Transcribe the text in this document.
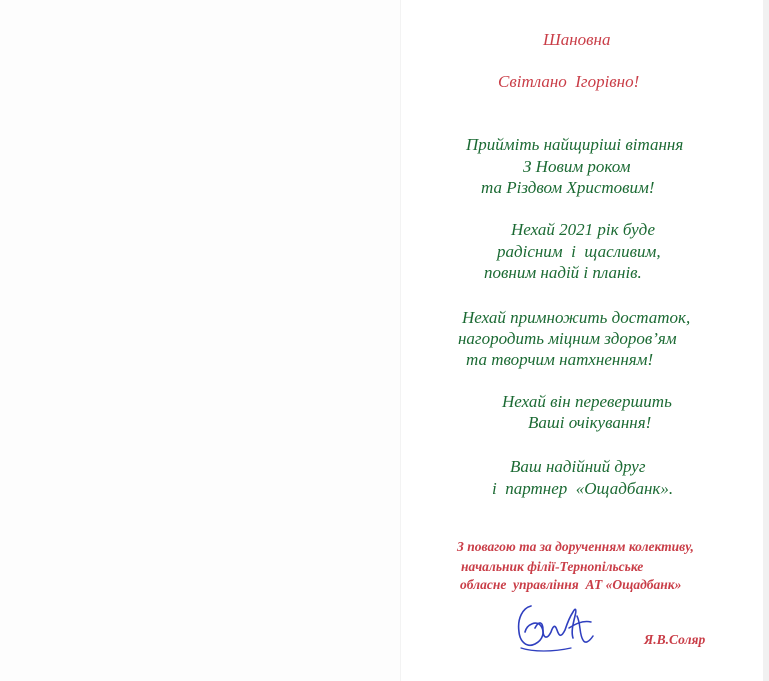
Шановна
Світлано  Ігорівно!
Прийміть найщиріші вітання
З Новим роком
та Різдвом Христовим!
Нехай 2021 рік буде
радісним  і  щасливим,
повним надій і планів.
Нехай примножить достаток,
нагородить міцним здоров’ям
та творчим натхненням!
Нехай він перевершить
Ваші очікування!
Ваш надійний друг
і  партнер  «Ощадбанк».
З повагою та за дорученням колективу,
начальник філії-Тернопільське
обласне  управління  АТ «Ощадбанк»
Я.В.Соляр
